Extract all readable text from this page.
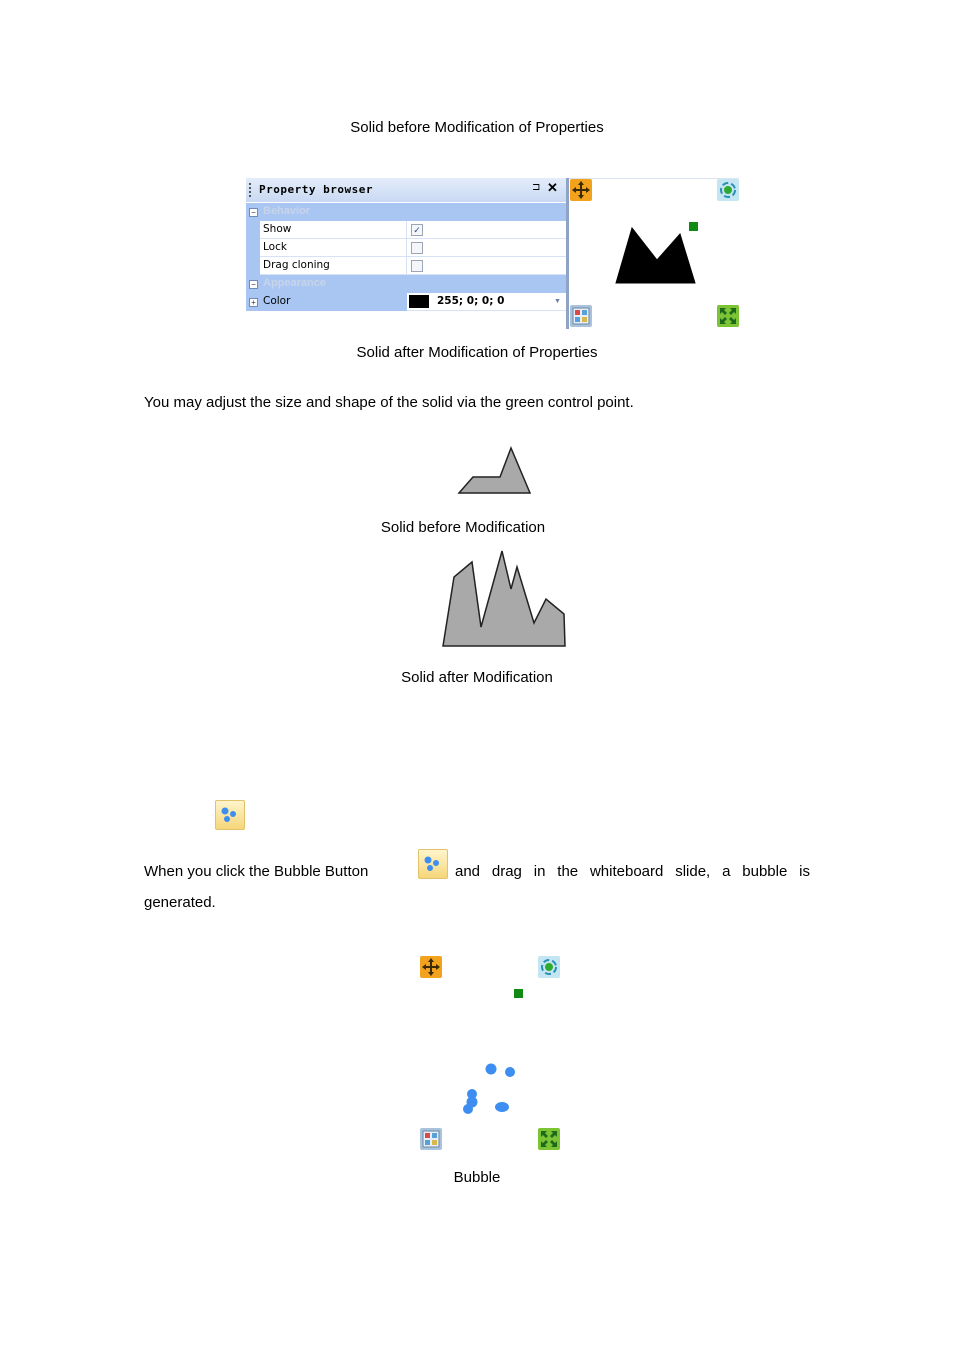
Solid before Modification of Properties
Property browser	⊐ ✕
− Behavior
Show	✓
Lock
Drag cloning
− Appearance
+ Color	255; 0; 0; 0	▼
Solid after Modification of Properties
You may adjust the size and shape of the solid via the green control point.
Solid before Modification
Solid after Modification
When you click the Bubble Button	and drag in the whiteboard slide, a bubble is
generated.
Bubble
